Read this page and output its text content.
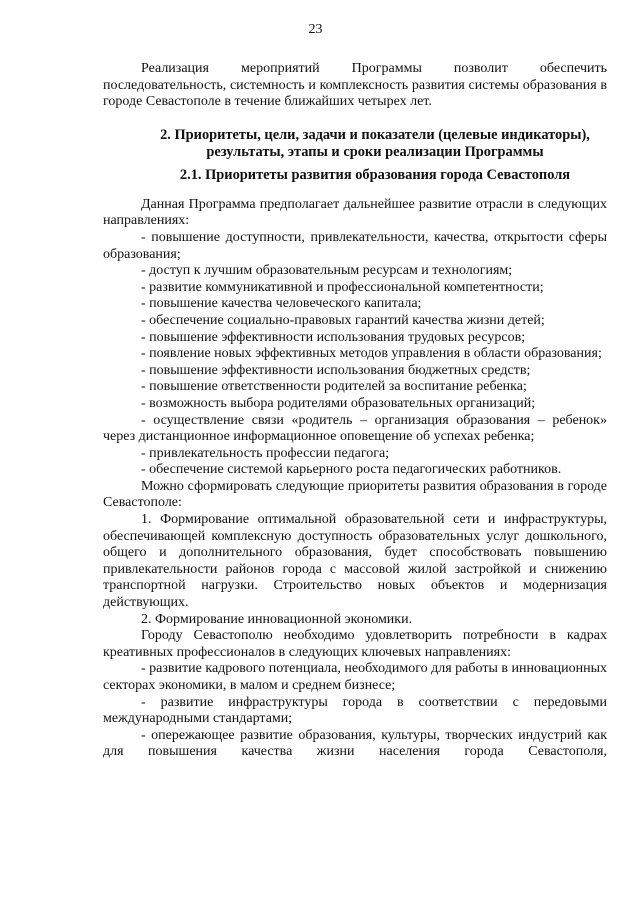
23

Реализация мероприятий Программы позволит обеспечить последовательность, системность и комплексность развития системы образования в городе Севастополе в течение ближайших четырех лет.

2. Приоритеты, цели, задачи и показатели (целевые индикаторы),

результаты, этапы и сроки реализации Программы

2.1. Приоритеты развития образования города Севастополя

Данная Программа предполагает дальнейшее развитие отрасли в следующих направлениях:

- повышение доступности, привлекательности, качества, открытости сферы образования;

- доступ к лучшим образовательным ресурсам и технологиям;

- развитие коммуникативной и профессиональной компетентности;

- повышение качества человеческого капитала;

- обеспечение социально-правовых гарантий качества жизни детей;

- повышение эффективности использования трудовых ресурсов;

- появление новых эффективных методов управления в области образования;

- повышение эффективности использования бюджетных средств;

- повышение ответственности родителей за воспитание ребенка;

- возможность выбора родителями образовательных организаций;

- осуществление связи «родитель – организация образования – ребенок» через дистанционное информационное оповещение об успехах ребенка;

- привлекательность профессии педагога;

- обеспечение системой карьерного роста педагогических работников.

Можно сформировать следующие приоритеты развития образования в городе Севастополе:

1. Формирование оптимальной образовательной сети и инфраструктуры, обеспечивающей комплексную доступность образовательных услуг дошкольного, общего и дополнительного образования, будет способствовать повышению привлекательности районов города с массовой жилой застройкой и снижению транспортной нагрузки. Строительство новых объектов и модернизация действующих.

2. Формирование инновационной экономики.

Городу Севастополю необходимо удовлетворить потребности в кадрах креативных профессионалов в следующих ключевых направлениях:

- развитие кадрового потенциала, необходимого для работы в инновационных секторах экономики, в малом и среднем бизнесе;

- развитие инфраструктуры города в соответствии с передовыми международными стандартами;

- опережающее развитие образования, культуры, творческих индустрий как для повышения качества жизни населения города Севастополя,
